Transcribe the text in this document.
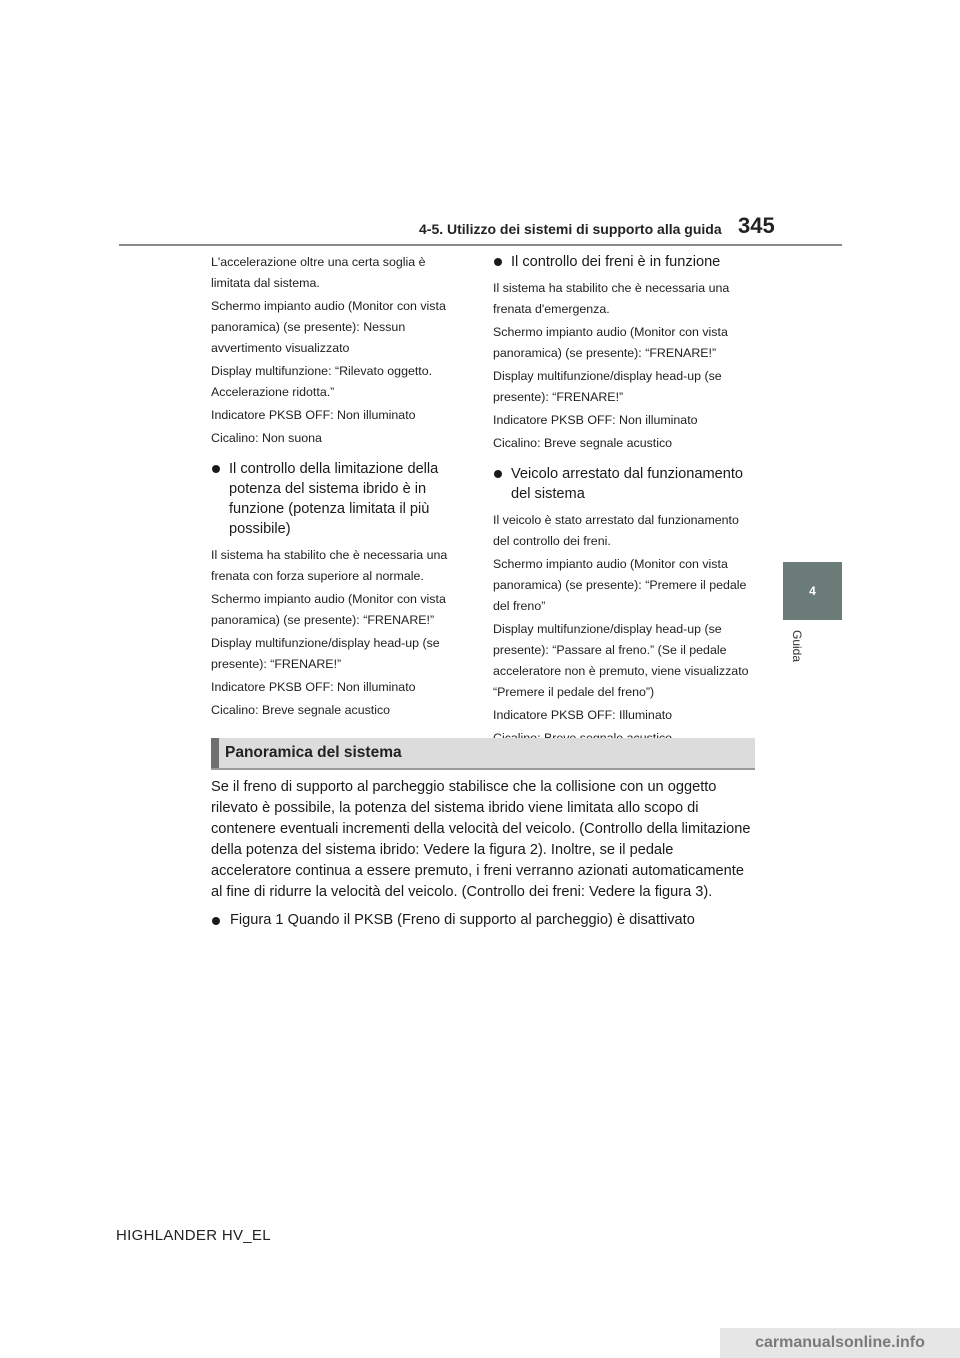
4-5. Utilizzo dei sistemi di supporto alla guida 345
4
Guida

L'accelerazione oltre una certa soglia è limitata dal sistema.

Schermo impianto audio (Monitor con vista panoramica) (se presente): Nessun avvertimento visualizzato

Display multifunzione: “Rilevato oggetto. Accelerazione ridotta.”

Indicatore PKSB OFF: Non illuminato

Cicalino: Non suona

Il controllo della limitazione della potenza del sistema ibrido è in funzione (potenza limitata il più possibile)

Il sistema ha stabilito che è necessaria una frenata con forza superiore al normale.

Schermo impianto audio (Monitor con vista panoramica) (se presente): “FRENARE!”

Display multifunzione/display head-up (se presente): “FRENARE!”

Indicatore PKSB OFF: Non illuminato

Cicalino: Breve segnale acustico

Il controllo dei freni è in funzione

Il sistema ha stabilito che è necessaria una frenata d'emergenza.

Schermo impianto audio (Monitor con vista panoramica) (se presente): “FRENARE!”

Display multifunzione/display head-up (se presente): “FRENARE!”

Indicatore PKSB OFF: Non illuminato

Cicalino: Breve segnale acustico

Veicolo arrestato dal funzionamento del sistema

Il veicolo è stato arrestato dal funzionamento del controllo dei freni.

Schermo impianto audio (Monitor con vista panoramica) (se presente): “Premere il pedale del freno”

Display multifunzione/display head-up (se presente): “Passare al freno.” (Se il pedale acceleratore non è premuto, viene visualizzato “Premere il pedale del freno”)

Indicatore PKSB OFF: Illuminato

Panoramica del sistema

Se il freno di supporto al parcheggio stabilisce che la collisione con un oggetto rilevato è possibile, la potenza del sistema ibrido viene limitata allo scopo di contenere eventuali incrementi della velocità del veicolo. (Controllo della limitazione della potenza del sistema ibrido: Vedere la figura 2). Inoltre, se il pedale acceleratore continua a essere premuto, i freni verranno azionati automaticamente al fine di ridurre la velocità del veicolo. (Controllo dei freni: Vedere la figura 3).

Figura 1 Quando il PKSB (Freno di supporto al parcheggio) è disattivato
HIGHLANDER HV_EL
carmanualsonline.info
